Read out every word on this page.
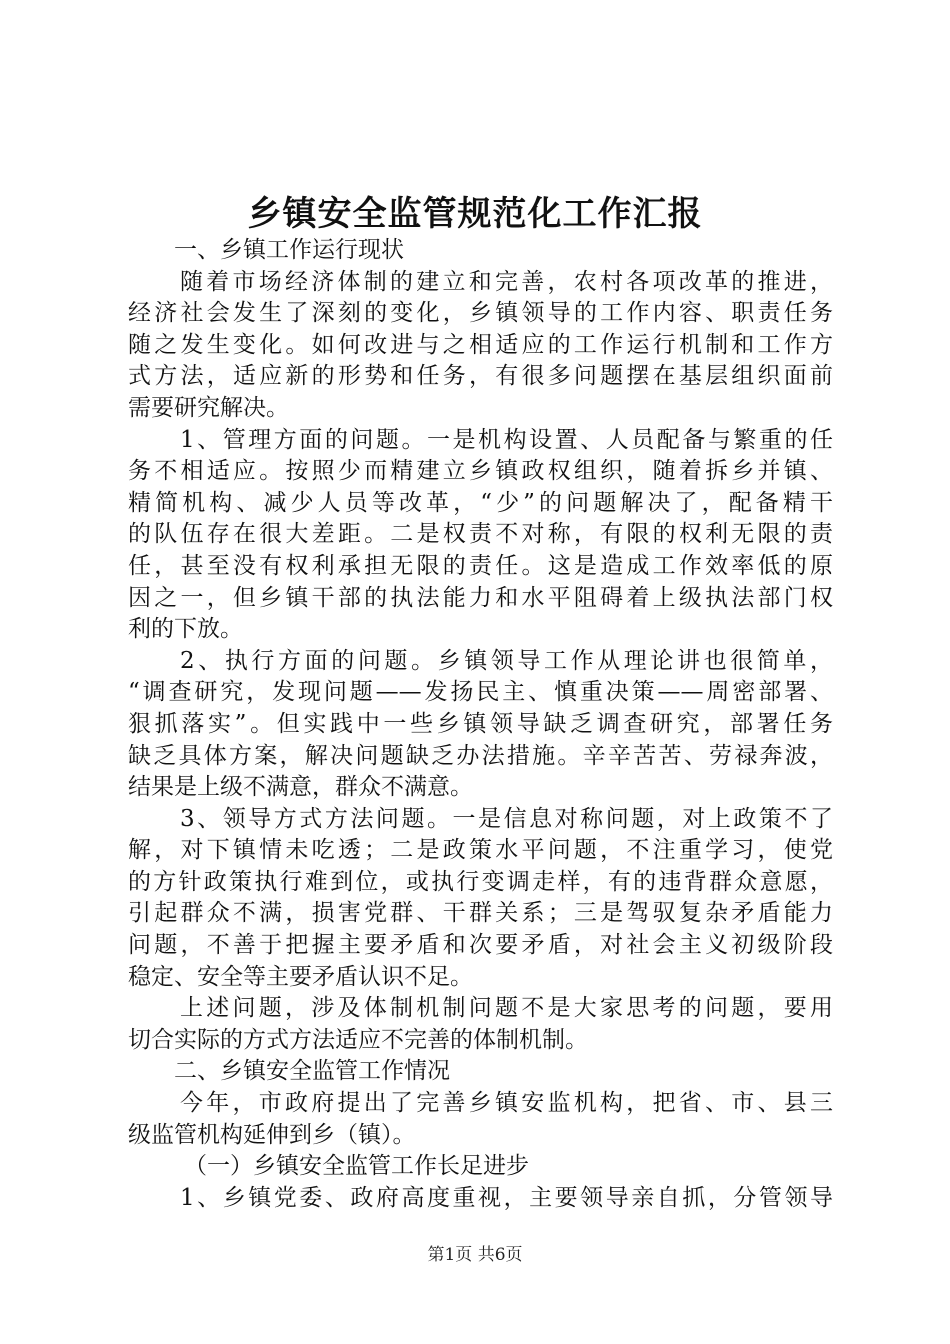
乡镇安全监管规范化工作汇报
一、乡镇工作运行现状
随着市场经济体制的建立和完善，农村各项改革的推进，
经济社会发生了深刻的变化，乡镇领导的工作内容、职责任务
随之发生变化。如何改进与之相适应的工作运行机制和工作方
式方法，适应新的形势和任务，有很多问题摆在基层组织面前
需要研究解决。
1、管理方面的问题。一是机构设置、人员配备与繁重的任
务不相适应。按照少而精建立乡镇政权组织，随着拆乡并镇、
精简机构、减少人员等改革，“少”的问题解决了，配备精干
的队伍存在很大差距。二是权责不对称，有限的权利无限的责
任，甚至没有权利承担无限的责任。这是造成工作效率低的原
因之一，但乡镇干部的执法能力和水平阻碍着上级执法部门权
利的下放。
2、执行方面的问题。乡镇领导工作从理论讲也很简单，
“调查研究，发现问题——发扬民主、慎重决策——周密部署、
狠抓落实”。但实践中一些乡镇领导缺乏调查研究，部署任务
缺乏具体方案，解决问题缺乏办法措施。辛辛苦苦、劳禄奔波，
结果是上级不满意，群众不满意。
3、领导方式方法问题。一是信息对称问题，对上政策不了
解，对下镇情未吃透；二是政策水平问题，不注重学习，使党
的方针政策执行难到位，或执行变调走样，有的违背群众意愿，
引起群众不满，损害党群、干群关系；三是驾驭复杂矛盾能力
问题，不善于把握主要矛盾和次要矛盾，对社会主义初级阶段
稳定、安全等主要矛盾认识不足。
上述问题，涉及体制机制问题不是大家思考的问题，要用
切合实际的方式方法适应不完善的体制机制。
二、乡镇安全监管工作情况
今年，市政府提出了完善乡镇安监机构，把省、市、县三
级监管机构延伸到乡（镇）。
（一）乡镇安全监管工作长足进步
1、乡镇党委、政府高度重视，主要领导亲自抓，分管领导
第1页 共6页
